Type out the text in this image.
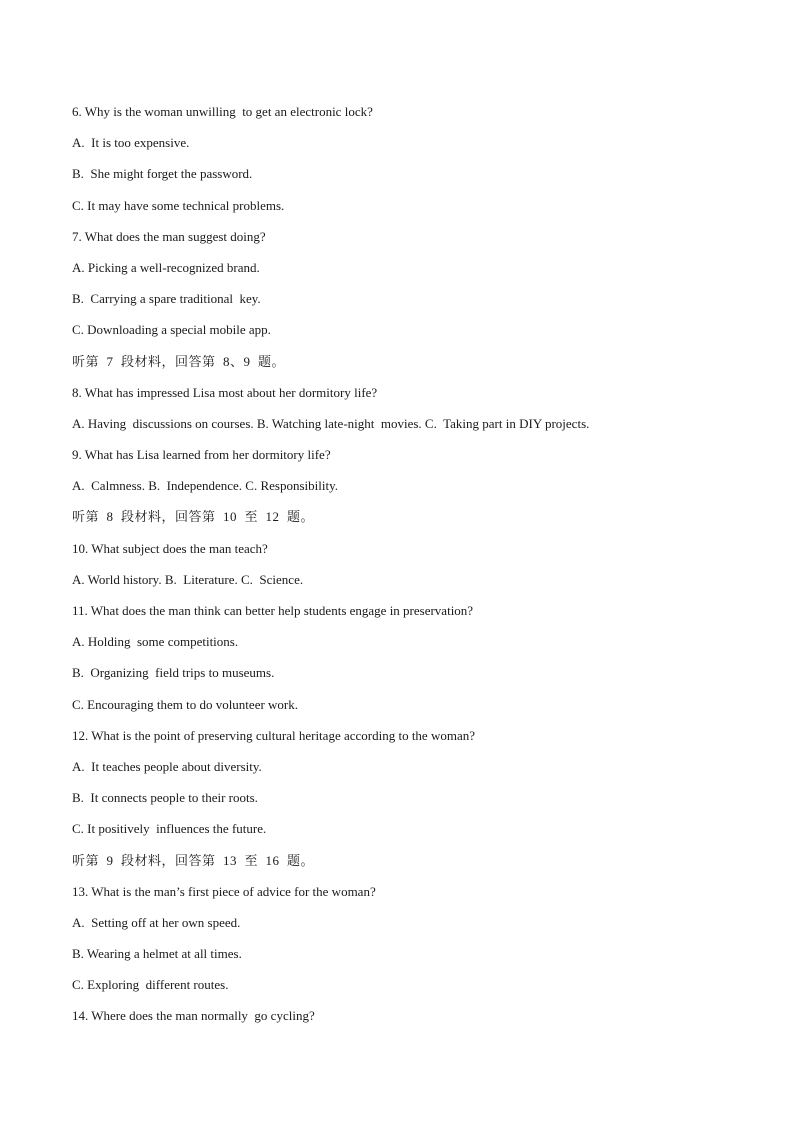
6. Why is the woman unwilling  to get an electronic lock?
A.  It is too expensive.
B.  She might forget the password.
C. It may have some technical problems.
7. What does the man suggest doing?
A. Picking a well-recognized brand.
B.  Carrying a spare traditional  key.
C. Downloading a special mobile app.
听第  7  段材料，回答第  8、9  题。
8. What has impressed Lisa most about her dormitory life?
A. Having  discussions on courses. B. Watching late-night  movies. C.  Taking part in DIY projects.
9. What has Lisa learned from her dormitory life?
A.  Calmness. B.  Independence. C. Responsibility.
听第  8  段材料，回答第  10  至  12  题。
10. What subject does the man teach?
A. World history. B.  Literature. C.  Science.
11. What does the man think can better help students engage in preservation?
A. Holding  some competitions.
B.  Organizing  field trips to museums.
C. Encouraging them to do volunteer work.
12. What is the point of preserving cultural heritage according to the woman?
A.  It teaches people about diversity.
B.  It connects people to their roots.
C. It positively  influences the future.
听第  9  段材料，回答第  13  至  16  题。
13. What is the man’s first piece of advice for the woman?
A.  Setting off at her own speed.
B. Wearing a helmet at all times.
C. Exploring  different routes.
14. Where does the man normally  go cycling?
